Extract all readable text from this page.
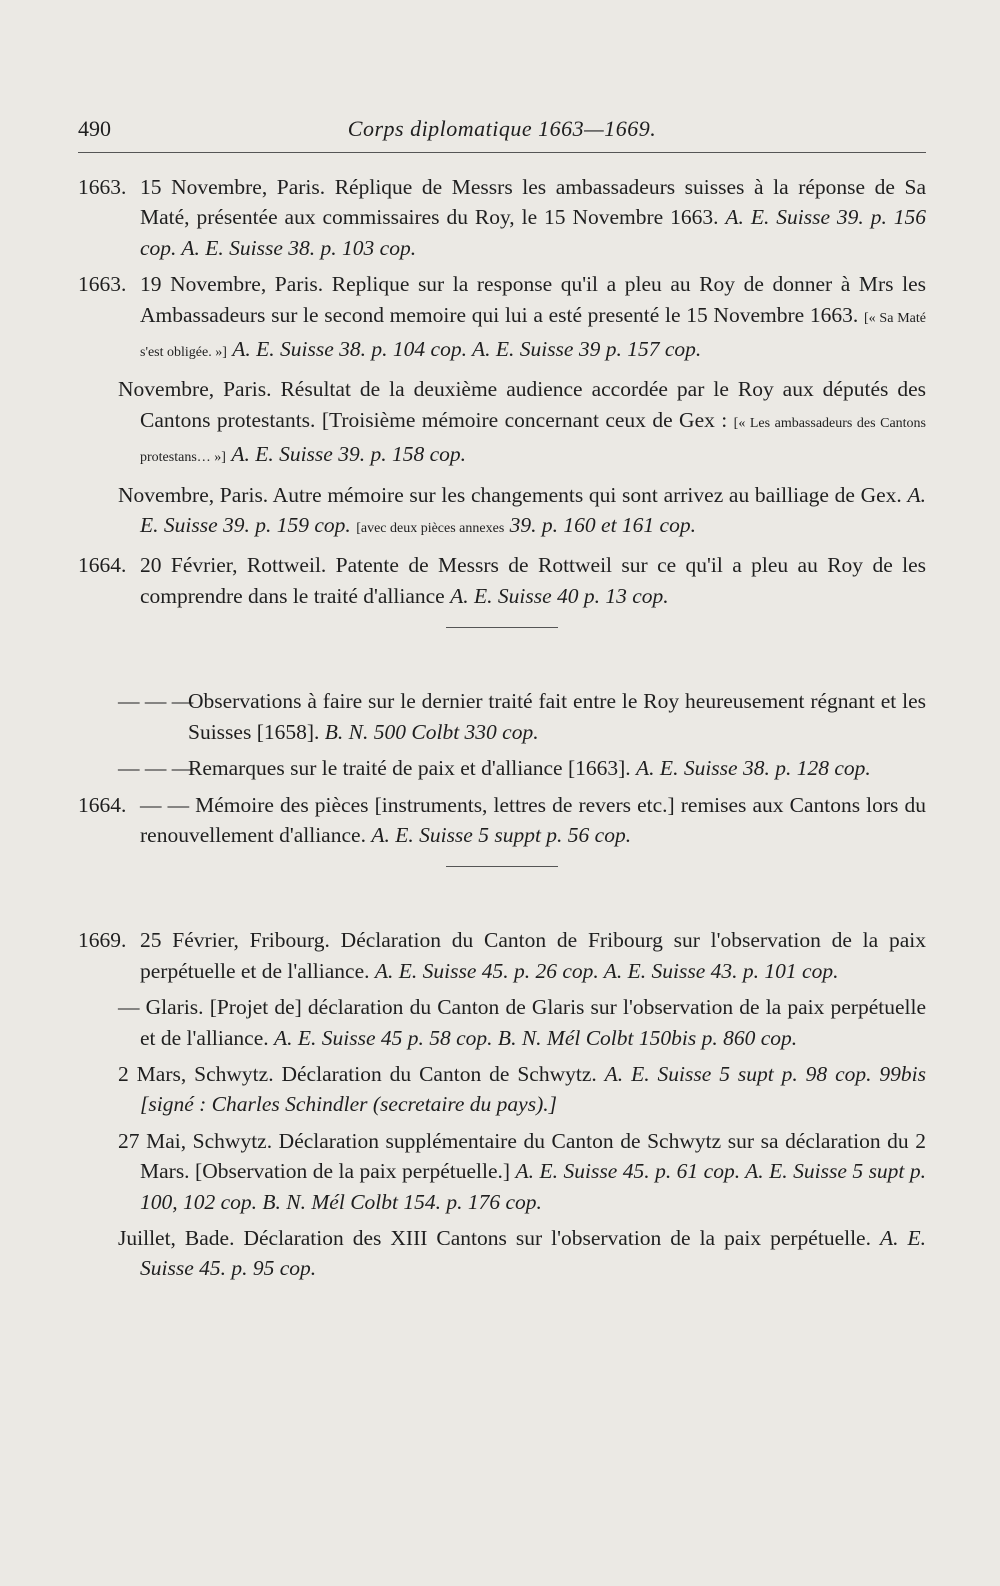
490	Corps diplomatique 1663—1669.

1663. 15 Novembre, Paris. Réplique de Messrs les ambassadeurs suisses à la réponse de Sa Maté, présentée aux commissaires du Roy, le 15 Novembre 1663. A. E. Suisse 39. p. 156 cop. A. E. Suisse 38. p. 103 cop.

1663. 19 Novembre, Paris. Replique sur la response qu'il a pleu au Roy de donner à Mrs les Ambassadeurs sur le second memoire qui lui a esté presenté le 15 Novembre 1663. [« Sa Maté s'est obligée. »] A. E. Suisse 38. p. 104 cop. A. E. Suisse 39 p. 157 cop.

Novembre, Paris. Résultat de la deuxième audience accordée par le Roy aux députés des Cantons protestants. [Troisième mémoire concernant ceux de Gex : [« Les ambassadeurs des Cantons protestans… »] A. E. Suisse 39. p. 158 cop.

Novembre, Paris. Autre mémoire sur les changements qui sont arrivez au bailliage de Gex. A. E. Suisse 39. p. 159 cop. [avec deux pièces annexes 39. p. 160 et 161 cop.

1664. 20 Février, Rottweil. Patente de Messrs de Rottweil sur ce qu'il a pleu au Roy de les comprendre dans le traité d'alliance A. E. Suisse 40 p. 13 cop.

— — —
Observations à faire sur le dernier traité fait entre le Roy heureusement régnant et les Suisses [1658]. B. N. 500 Colbt 330 cop.

— — —
Remarques sur le traité de paix et d'alliance [1663]. A. E. Suisse 38. p. 128 cop.

1664. — — Mémoire des pièces [instruments, lettres de revers etc.] remises aux Cantons lors du renouvellement d'alliance. A. E. Suisse 5 suppt p. 56 cop.

1669. 25 Février, Fribourg. Déclaration du Canton de Fribourg sur l'observation de la paix perpétuelle et de l'alliance. A. E. Suisse 45. p. 26 cop. A. E. Suisse 43. p. 101 cop.

— Glaris. [Projet de] déclaration du Canton de Glaris sur l'observation de la paix perpétuelle et de l'alliance. A. E. Suisse 45 p. 58 cop. B. N. Mél Colbt 150bis p. 860 cop.

2 Mars, Schwytz. Déclaration du Canton de Schwytz. A. E. Suisse 5 supt p. 98 cop. 99bis [signé : Charles Schindler (secretaire du pays).]

27 Mai, Schwytz. Déclaration supplémentaire du Canton de Schwytz sur sa déclaration du 2 Mars. [Observation de la paix perpétuelle.] A. E. Suisse 45. p. 61 cop. A. E. Suisse 5 supt p. 100, 102 cop. B. N. Mél Colbt 154. p. 176 cop.

Juillet, Bade. Déclaration des XIII Cantons sur l'observation de la paix perpétuelle. A. E. Suisse 45. p. 95 cop.
